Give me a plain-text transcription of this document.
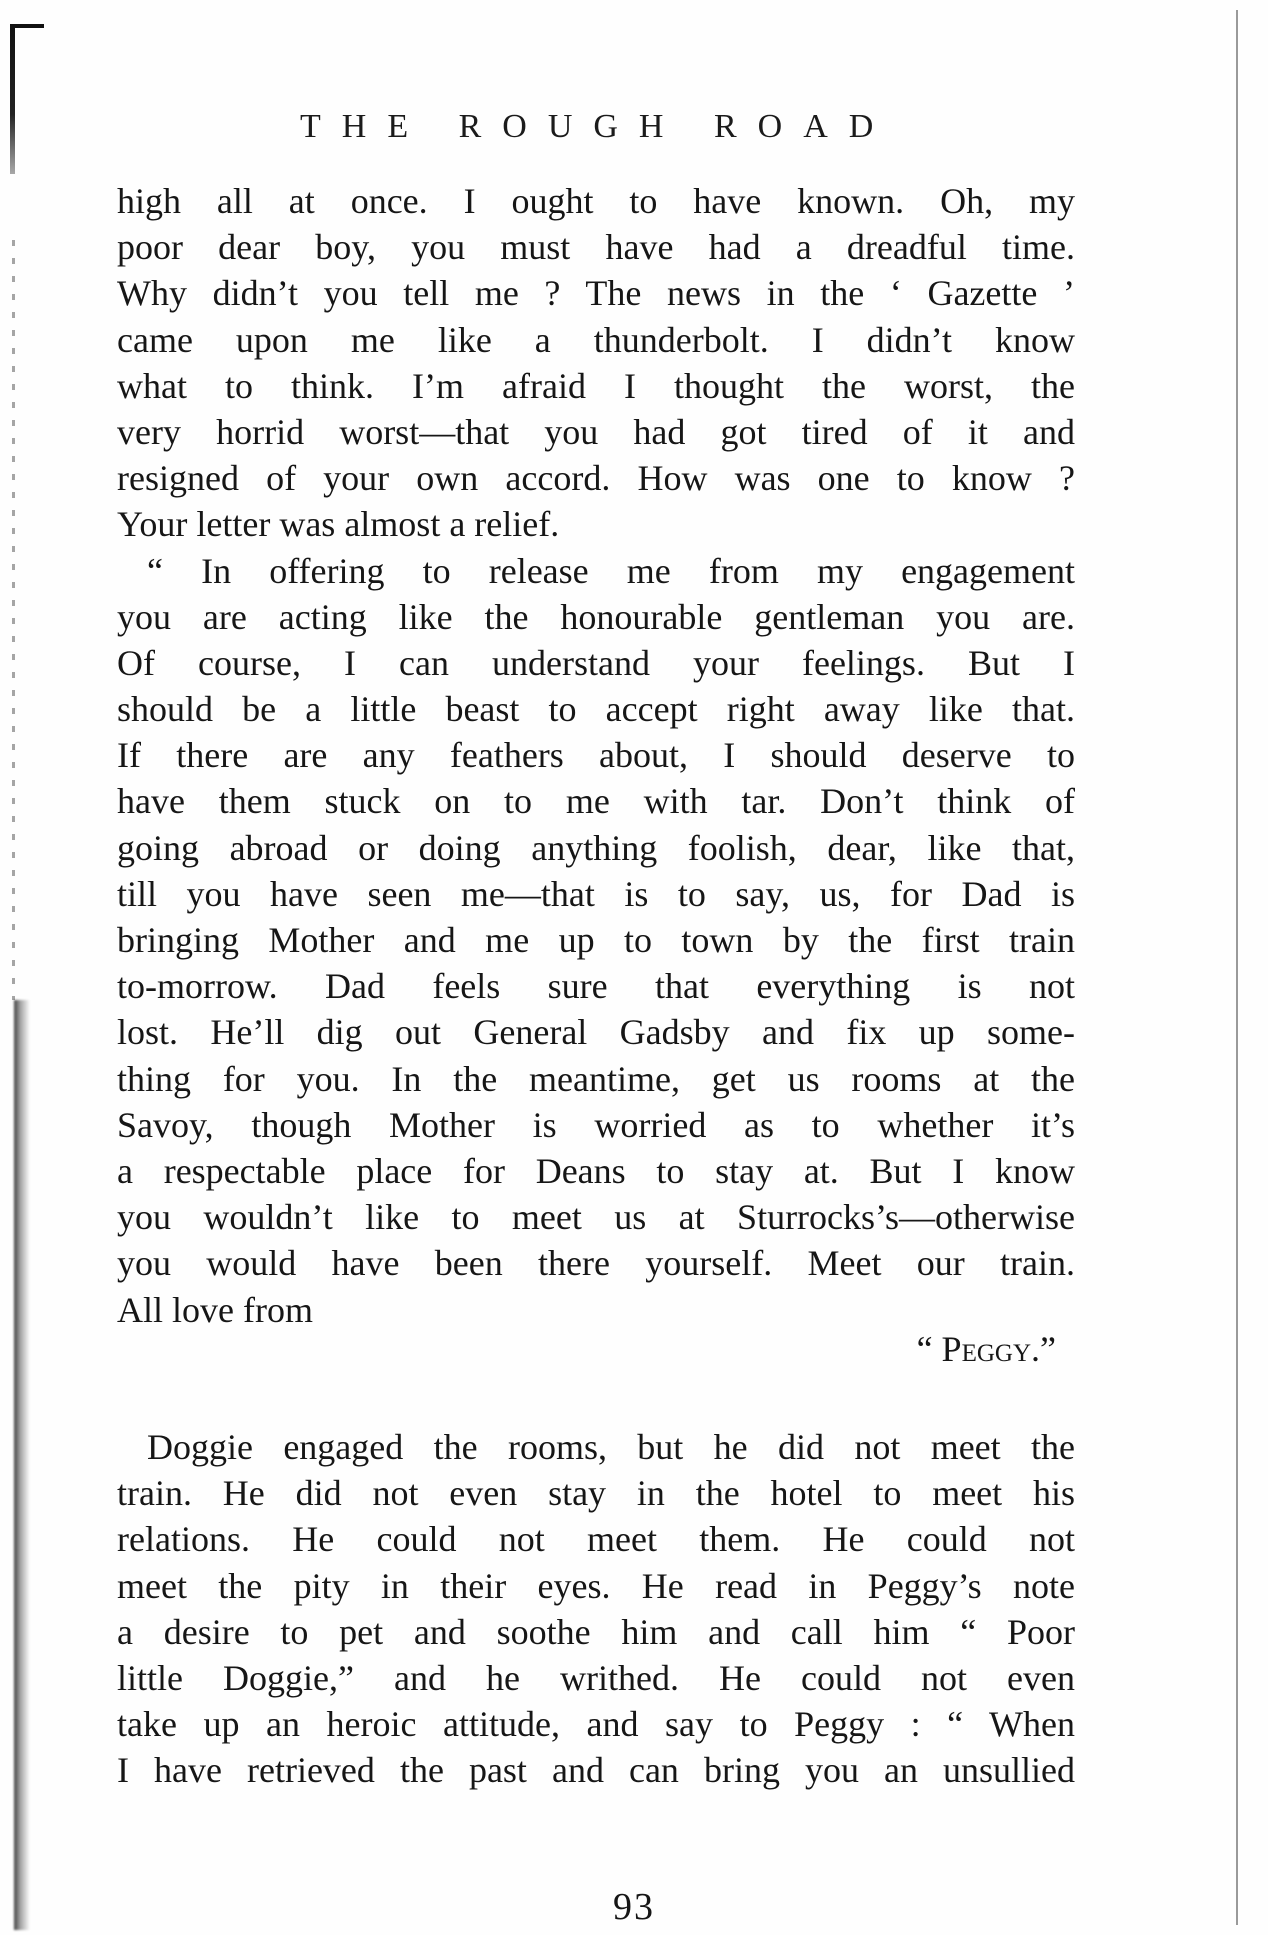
THE ROUGH ROAD
high all at once. I ought to have known. Oh, my
poor dear boy, you must have had a dreadful time.
Why didn’t you tell me ? The news in the ‘ Gazette ’
came upon me like a thunderbolt. I didn’t know
what to think. I’m afraid I thought the worst, the
very horrid worst—that you had got tired of it and
resigned of your own accord. How was one to know ?
Your letter was almost a relief.
“ In offering to release me from my engagement
you are acting like the honourable gentleman you are.
Of course, I can understand your feelings. But I
should be a little beast to accept right away like that.
If there are any feathers about, I should deserve to
have them stuck on to me with tar. Don’t think of
going abroad or doing anything foolish, dear, like that,
till you have seen me—that is to say, us, for Dad is
bringing Mother and me up to town by the first train
to-morrow. Dad feels sure that everything is not
lost. He’ll dig out General Gadsby and fix up some-
thing for you. In the meantime, get us rooms at the
Savoy, though Mother is worried as to whether it’s
a respectable place for Deans to stay at. But I know
you wouldn’t like to meet us at Sturrocks’s—otherwise
you would have been there yourself. Meet our train.
All love from
“ Peggy.”
Doggie engaged the rooms, but he did not meet the
train. He did not even stay in the hotel to meet his
relations. He could not meet them. He could not
meet the pity in their eyes. He read in Peggy’s note
a desire to pet and soothe him and call him “ Poor
little Doggie,” and he writhed. He could not even
take up an heroic attitude, and say to Peggy : “ When
I have retrieved the past and can bring you an unsullied
93
